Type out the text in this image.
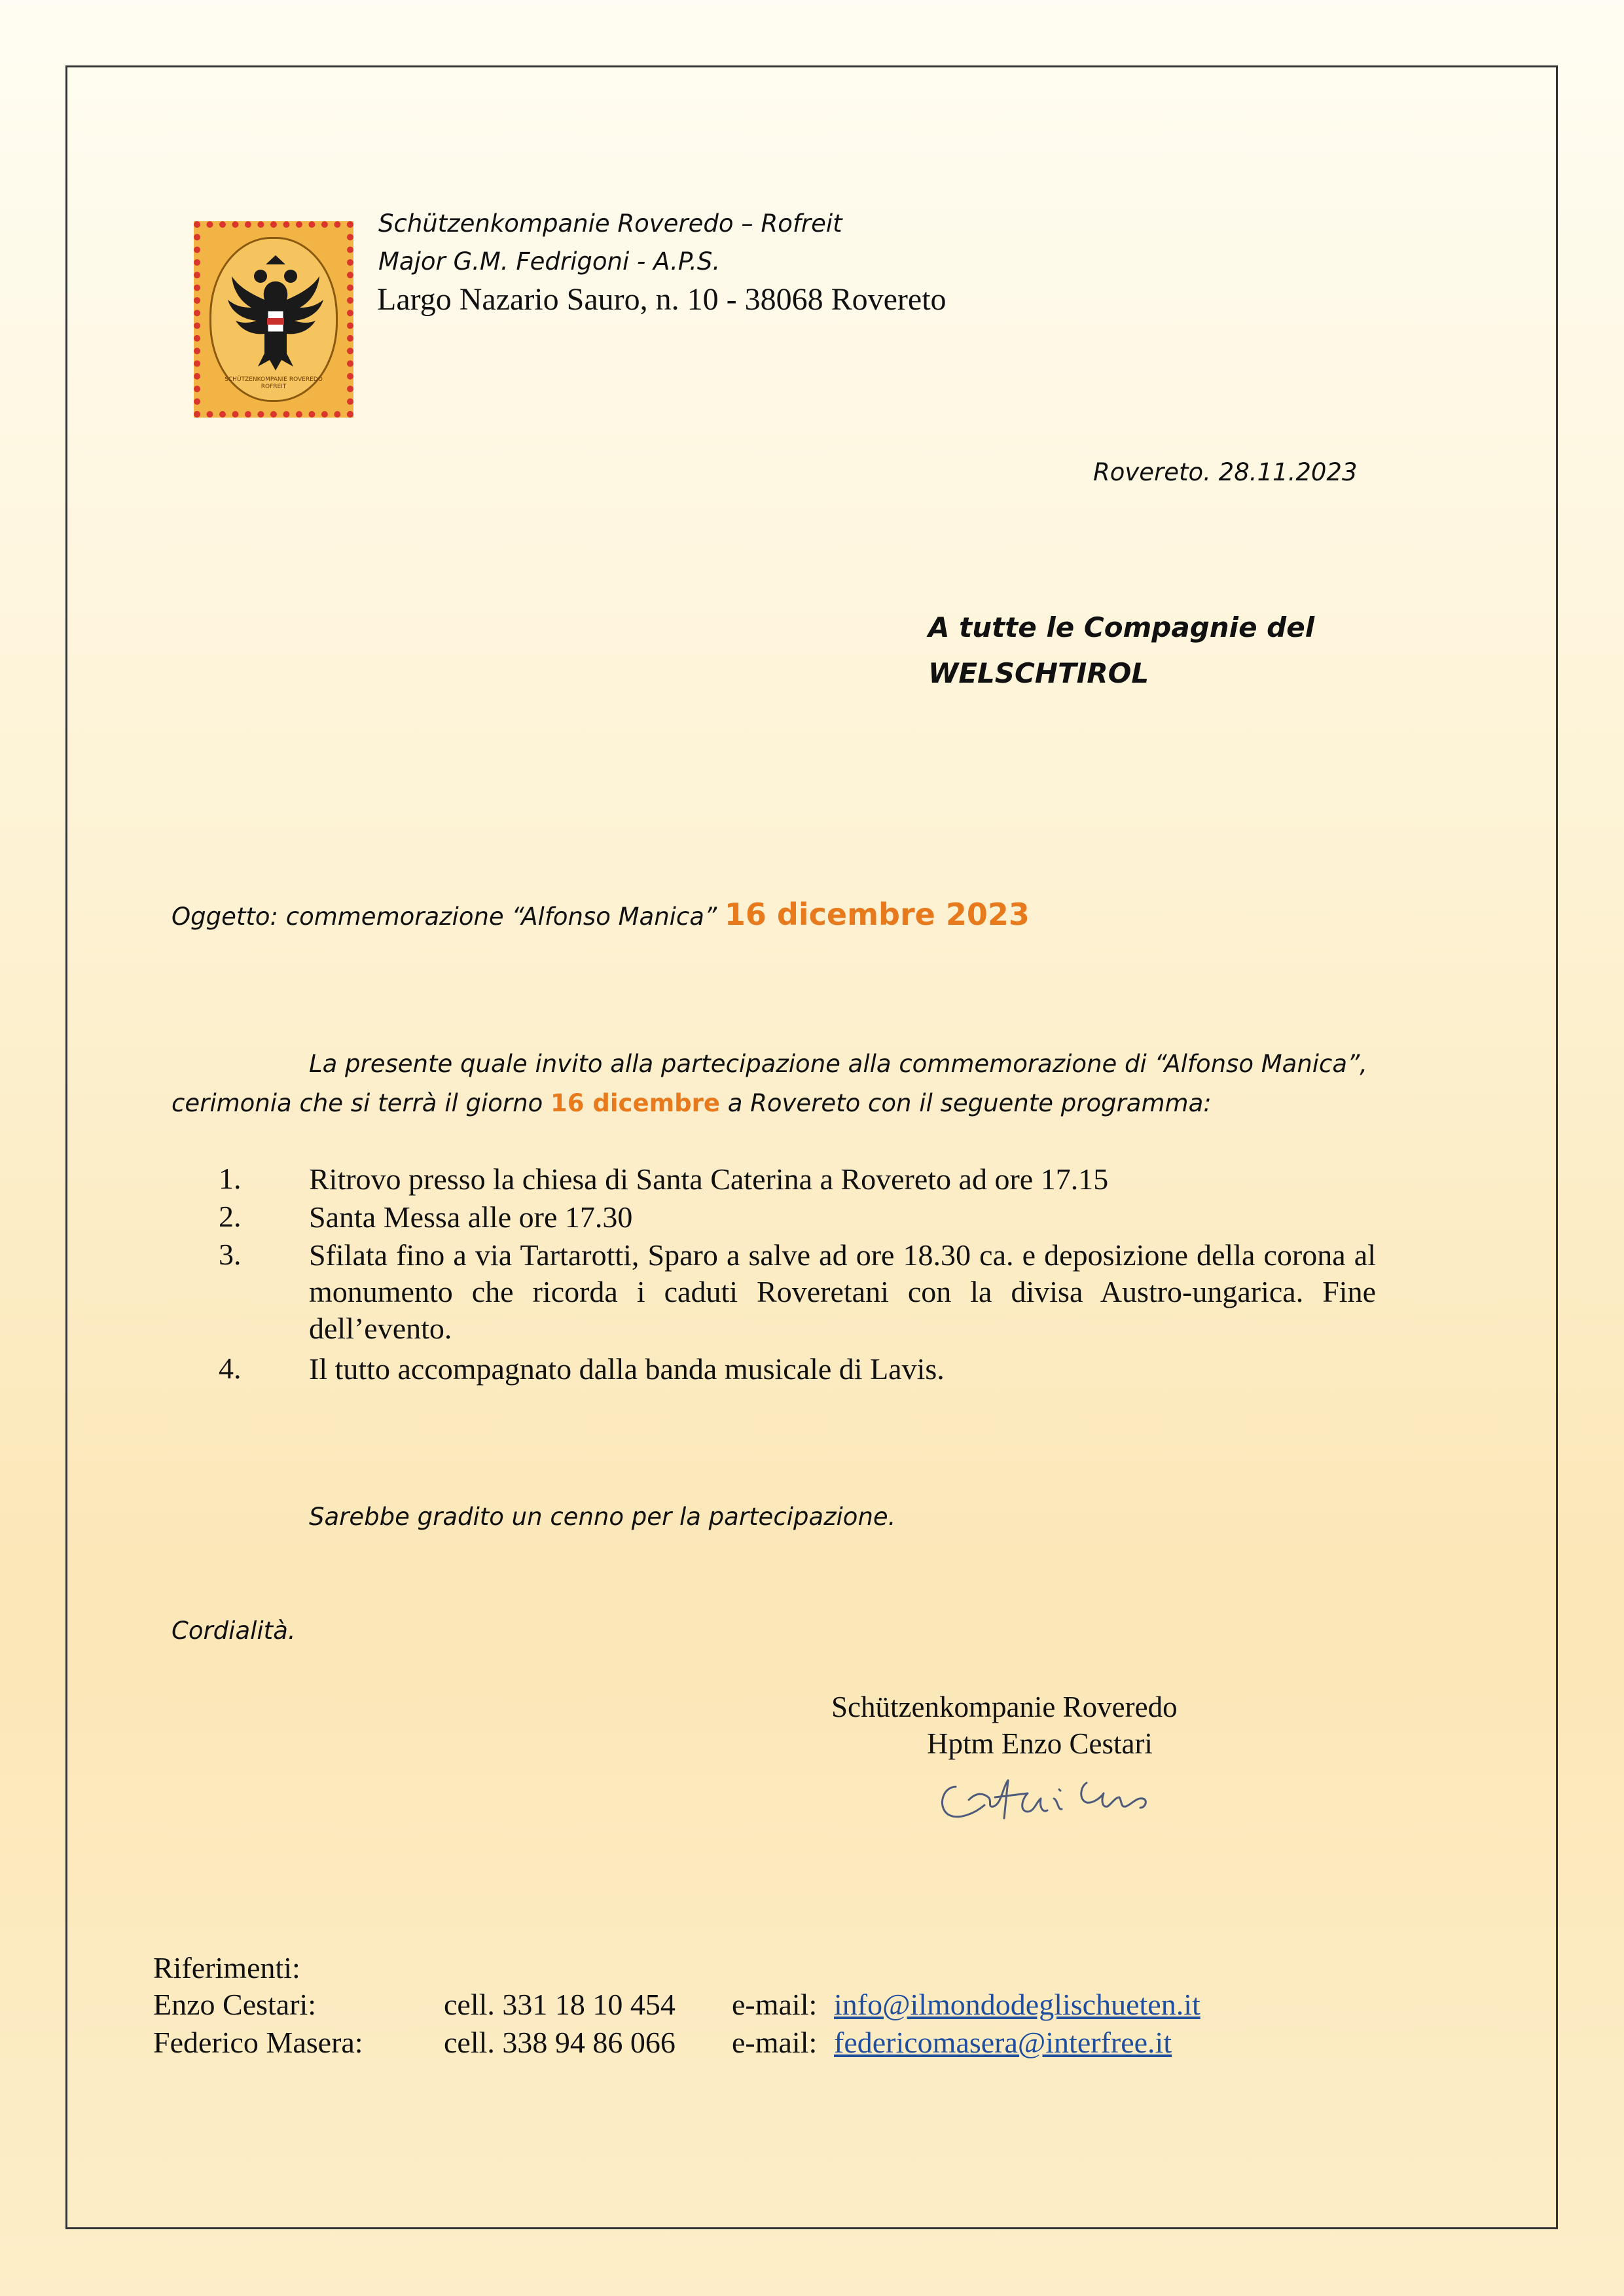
SCHÜTZENKOMPANIE ROVEREDO ROFREIT
Schützenkompanie Roveredo – Rofreit
Major G.M. Fedrigoni - A.P.S.
Largo Nazario Sauro, n. 10 - 38068 Rovereto
Rovereto. 28.11.2023
A tutte le Compagnie del
WELSCHTIROL
Oggetto: commemorazione “Alfonso Manica” 16 dicembre 2023
La presente quale invito alla partecipazione alla commemorazione di “Alfonso Manica”,
cerimonia che si terrà il giorno 16 dicembre a Rovereto con il seguente programma:
1. Ritrovo presso la chiesa di Santa Caterina a Rovereto ad ore 17.15
2. Santa Messa alle ore 17.30
3. Sfilata fino a via Tartarotti, Sparo a salve ad ore 18.30 ca. e deposizione della corona al monumento che ricorda i caduti Roveretani con la divisa Austro-ungarica. Fine dell’evento.
4. Il tutto accompagnato dalla banda musicale di Lavis.
Sarebbe gradito un cenno per la partecipazione.
Cordialità.
Schützenkompanie Roveredo
Hptm Enzo Cestari
Riferimenti:
Enzo Cestari:	cell. 331 18 10 454 e-mail: info@ilmondodeglischueten.it
Federico Masera:	cell. 338 94 86 066 e-mail: federicomasera@interfree.it
